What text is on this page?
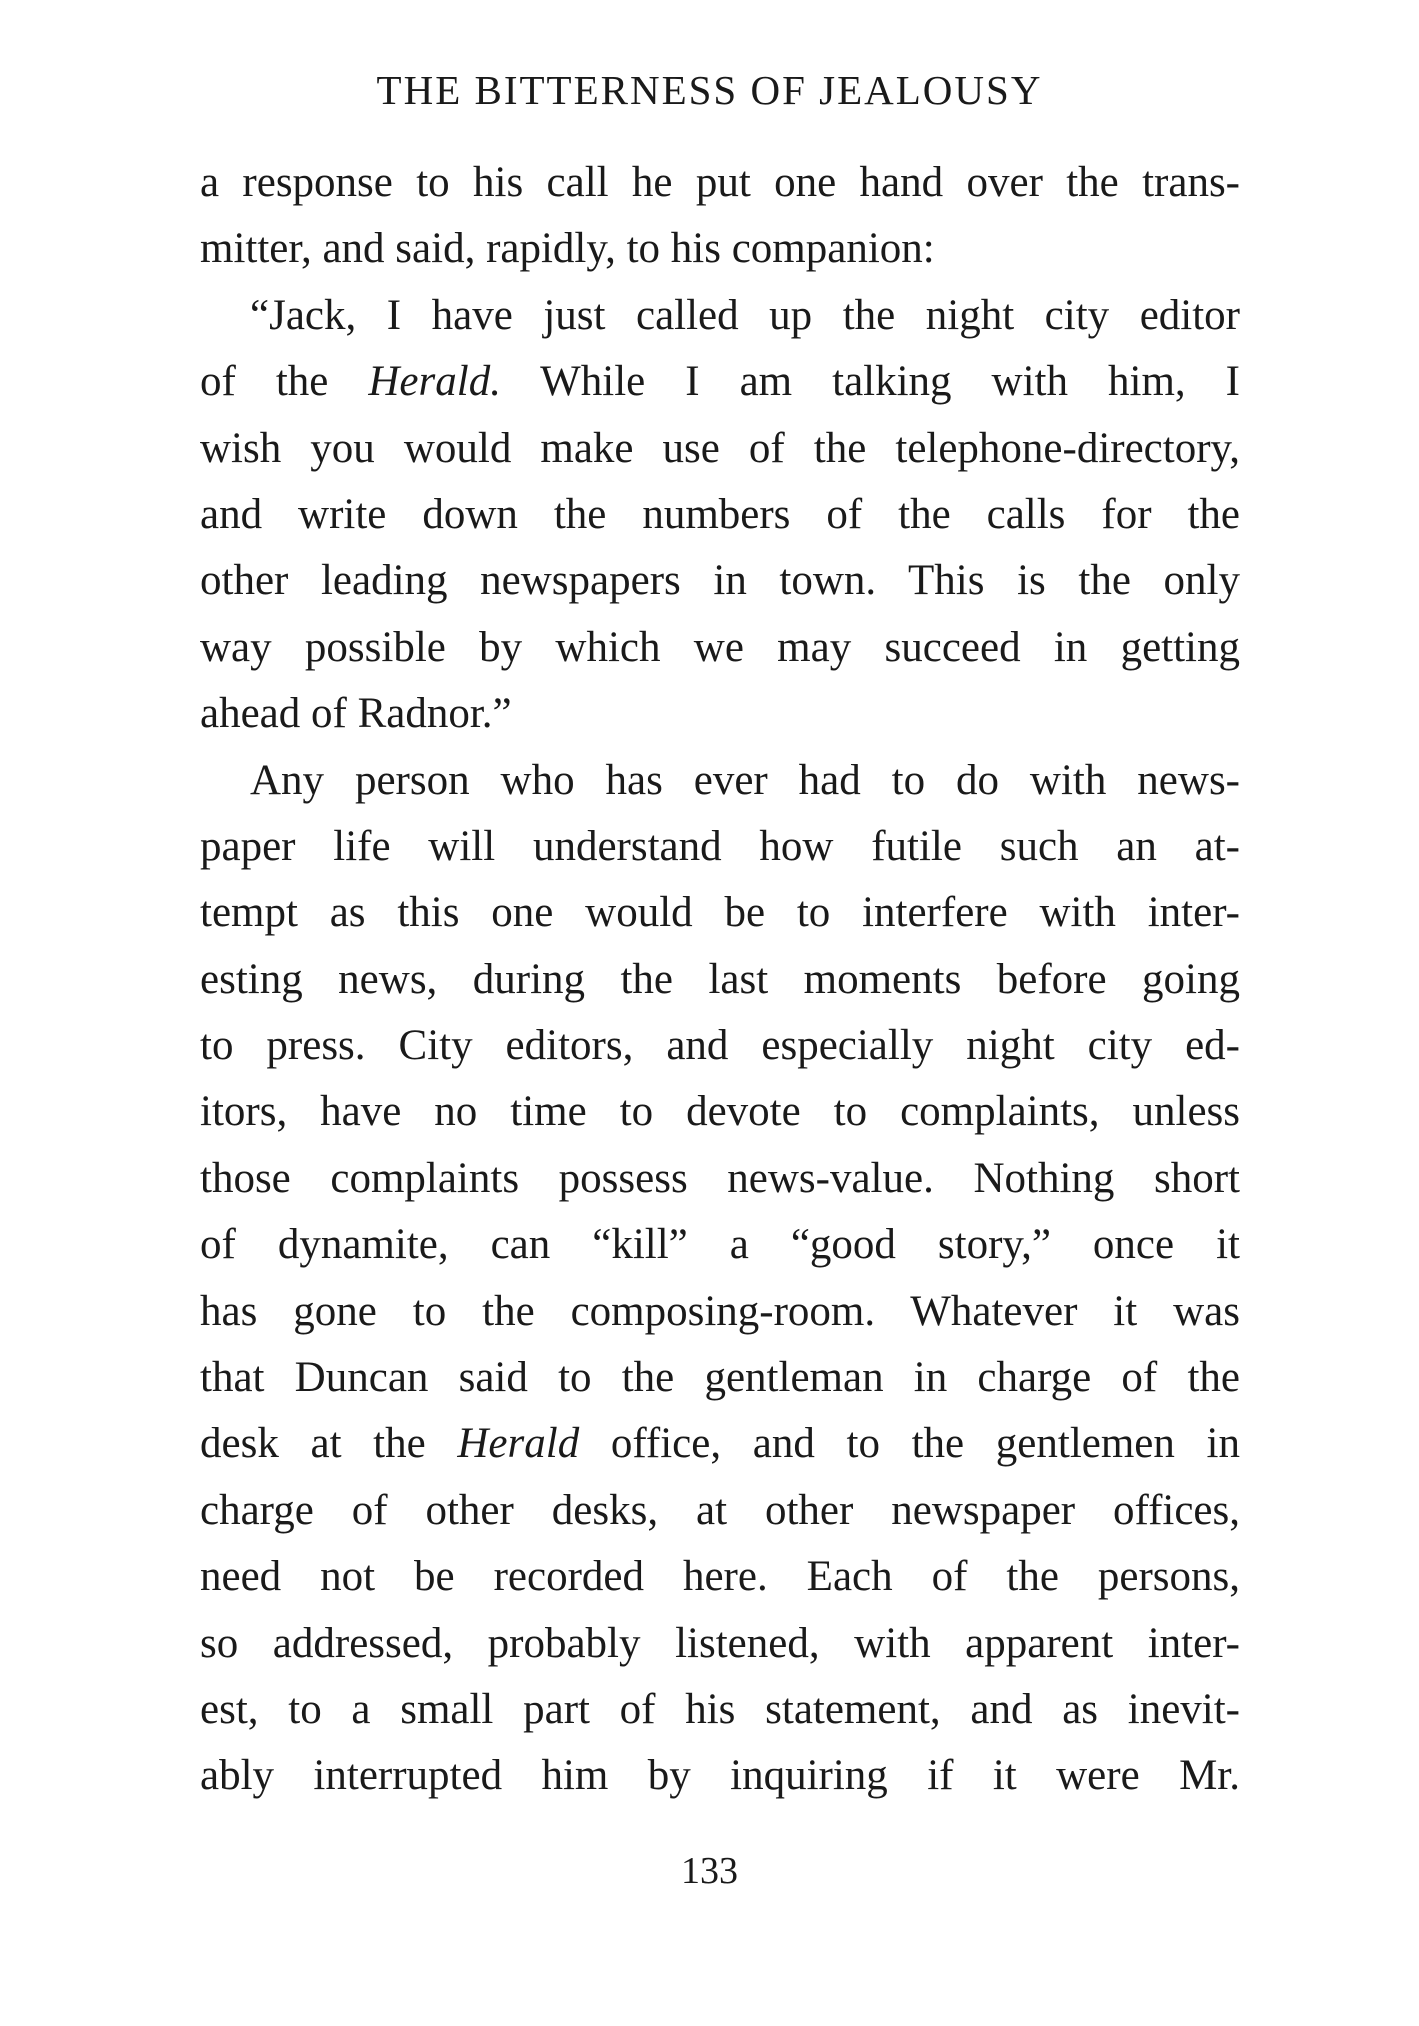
THE BITTERNESS OF JEALOUSY
a response to his call he put one hand over the trans-
mitter, and said, rapidly, to his companion:
“Jack, I have just called up the night city editor
of the Herald. While I am talking with him, I
wish you would make use of the telephone-directory,
and write down the numbers of the calls for the
other leading newspapers in town. This is the only
way possible by which we may succeed in getting
ahead of Radnor.”
Any person who has ever had to do with news-
paper life will understand how futile such an at-
tempt as this one would be to interfere with inter-
esting news, during the last moments before going
to press. City editors, and especially night city ed-
itors, have no time to devote to complaints, unless
those complaints possess news-value. Nothing short
of dynamite, can “kill” a “good story,” once it
has gone to the composing-room. Whatever it was
that Duncan said to the gentleman in charge of the
desk at the Herald office, and to the gentlemen in
charge of other desks, at other newspaper offices,
need not be recorded here. Each of the persons,
so addressed, probably listened, with apparent inter-
est, to a small part of his statement, and as inevit-
ably interrupted him by inquiring if it were Mr.
133
